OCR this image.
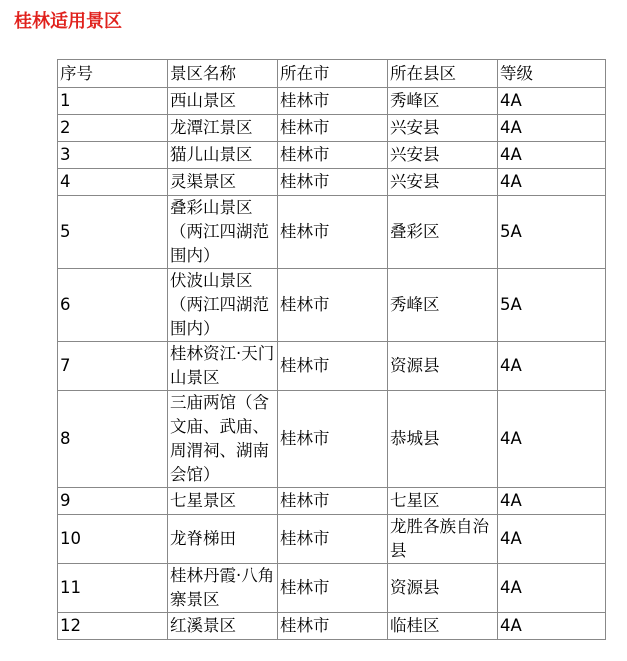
桂林适用景区
序号	景区名称	所在市	所在县区	等级
1	西山景区	桂林市	秀峰区	4A
2	龙潭江景区	桂林市	兴安县	4A
3	猫儿山景区	桂林市	兴安县	4A
4	灵渠景区	桂林市	兴安县	4A
5	叠彩山景区（两江四湖范围内）	桂林市	叠彩区	5A
6	伏波山景区（两江四湖范围内）	桂林市	秀峰区	5A
7	桂林资江·天门山景区	桂林市	资源县	4A
8	三庙两馆（含文庙、武庙、周渭祠、湖南会馆）	桂林市	恭城县	4A
9	七星景区	桂林市	七星区	4A
10	龙脊梯田	桂林市	龙胜各族自治县	4A
11	桂林丹霞·八角寨景区	桂林市	资源县	4A
12	红溪景区	桂林市	临桂区	4A
